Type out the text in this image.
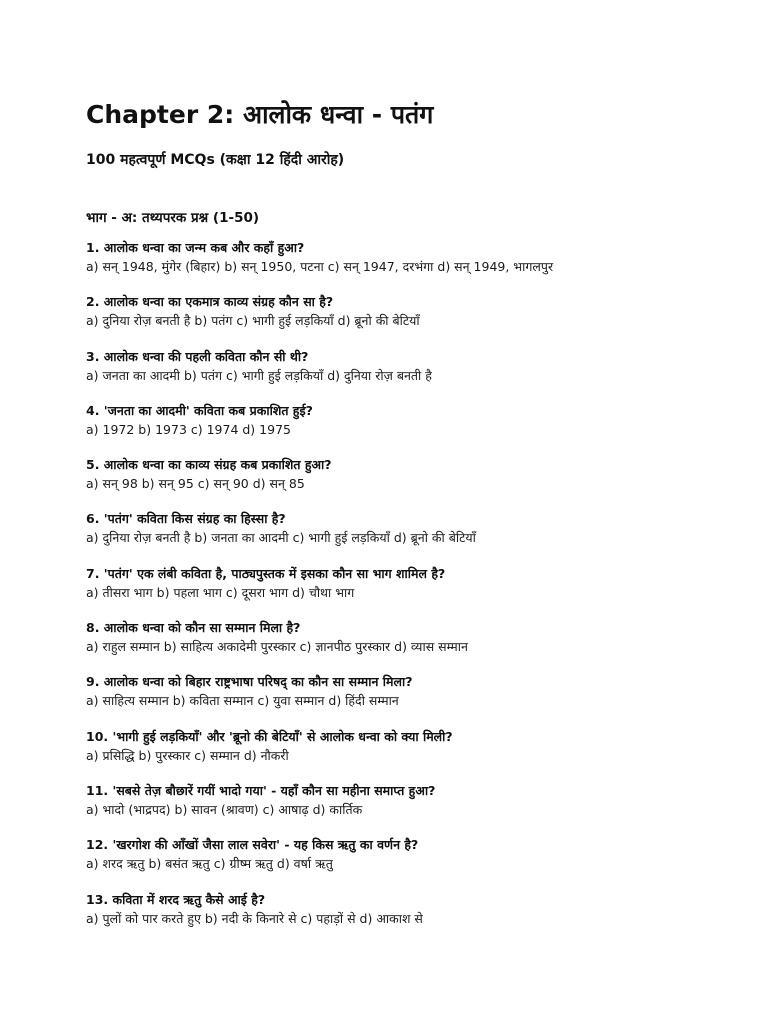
Chapter 2: आलोक धन्वा - पतंग
100 महत्वपूर्ण MCQs (कक्षा 12 हिंदी आरोह)
भाग - अ: तथ्यपरक प्रश्न (1-50)
1. आलोक धन्वा का जन्म कब और कहाँ हुआ?
a) सन् 1948, मुंगेर (बिहार) b) सन् 1950, पटना c) सन् 1947, दरभंगा d) सन् 1949, भागलपुर
2. आलोक धन्वा का एकमात्र काव्य संग्रह कौन सा है?
a) दुनिया रोज़ बनती है b) पतंग c) भागी हुई लड़कियाँ d) ब्रूनो की बेटियाँ
3. आलोक धन्वा की पहली कविता कौन सी थी?
a) जनता का आदमी b) पतंग c) भागी हुई लड़कियाँ d) दुनिया रोज़ बनती है
4. 'जनता का आदमी' कविता कब प्रकाशित हुई?
a) 1972 b) 1973 c) 1974 d) 1975
5. आलोक धन्वा का काव्य संग्रह कब प्रकाशित हुआ?
a) सन् 98 b) सन् 95 c) सन् 90 d) सन् 85
6. 'पतंग' कविता किस संग्रह का हिस्सा है?
a) दुनिया रोज़ बनती है b) जनता का आदमी c) भागी हुई लड़कियाँ d) ब्रूनो की बेटियाँ
7. 'पतंग' एक लंबी कविता है, पाठ्यपुस्तक में इसका कौन सा भाग शामिल है?
a) तीसरा भाग b) पहला भाग c) दूसरा भाग d) चौथा भाग
8. आलोक धन्वा को कौन सा सम्मान मिला है?
a) राहुल सम्मान b) साहित्य अकादेमी पुरस्कार c) ज्ञानपीठ पुरस्कार d) व्यास सम्मान
9. आलोक धन्वा को बिहार राष्ट्रभाषा परिषद् का कौन सा सम्मान मिला?
a) साहित्य सम्मान b) कविता सम्मान c) युवा सम्मान d) हिंदी सम्मान
10. 'भागी हुई लड़कियाँ' और 'ब्रूनो की बेटियाँ' से आलोक धन्वा को क्या मिली?
a) प्रसिद्धि b) पुरस्कार c) सम्मान d) नौकरी
11. 'सबसे तेज़ बौछारें गयीं भादो गया' - यहाँ कौन सा महीना समाप्त हुआ?
a) भादो (भाद्रपद) b) सावन (श्रावण) c) आषाढ़ d) कार्तिक
12. 'खरगोश की आँखों जैसा लाल सवेरा' - यह किस ऋतु का वर्णन है?
a) शरद ऋतु b) बसंत ऋतु c) ग्रीष्म ऋतु d) वर्षा ऋतु
13. कविता में शरद ऋतु कैसे आई है?
a) पुलों को पार करते हुए b) नदी के किनारे से c) पहाड़ों से d) आकाश से
